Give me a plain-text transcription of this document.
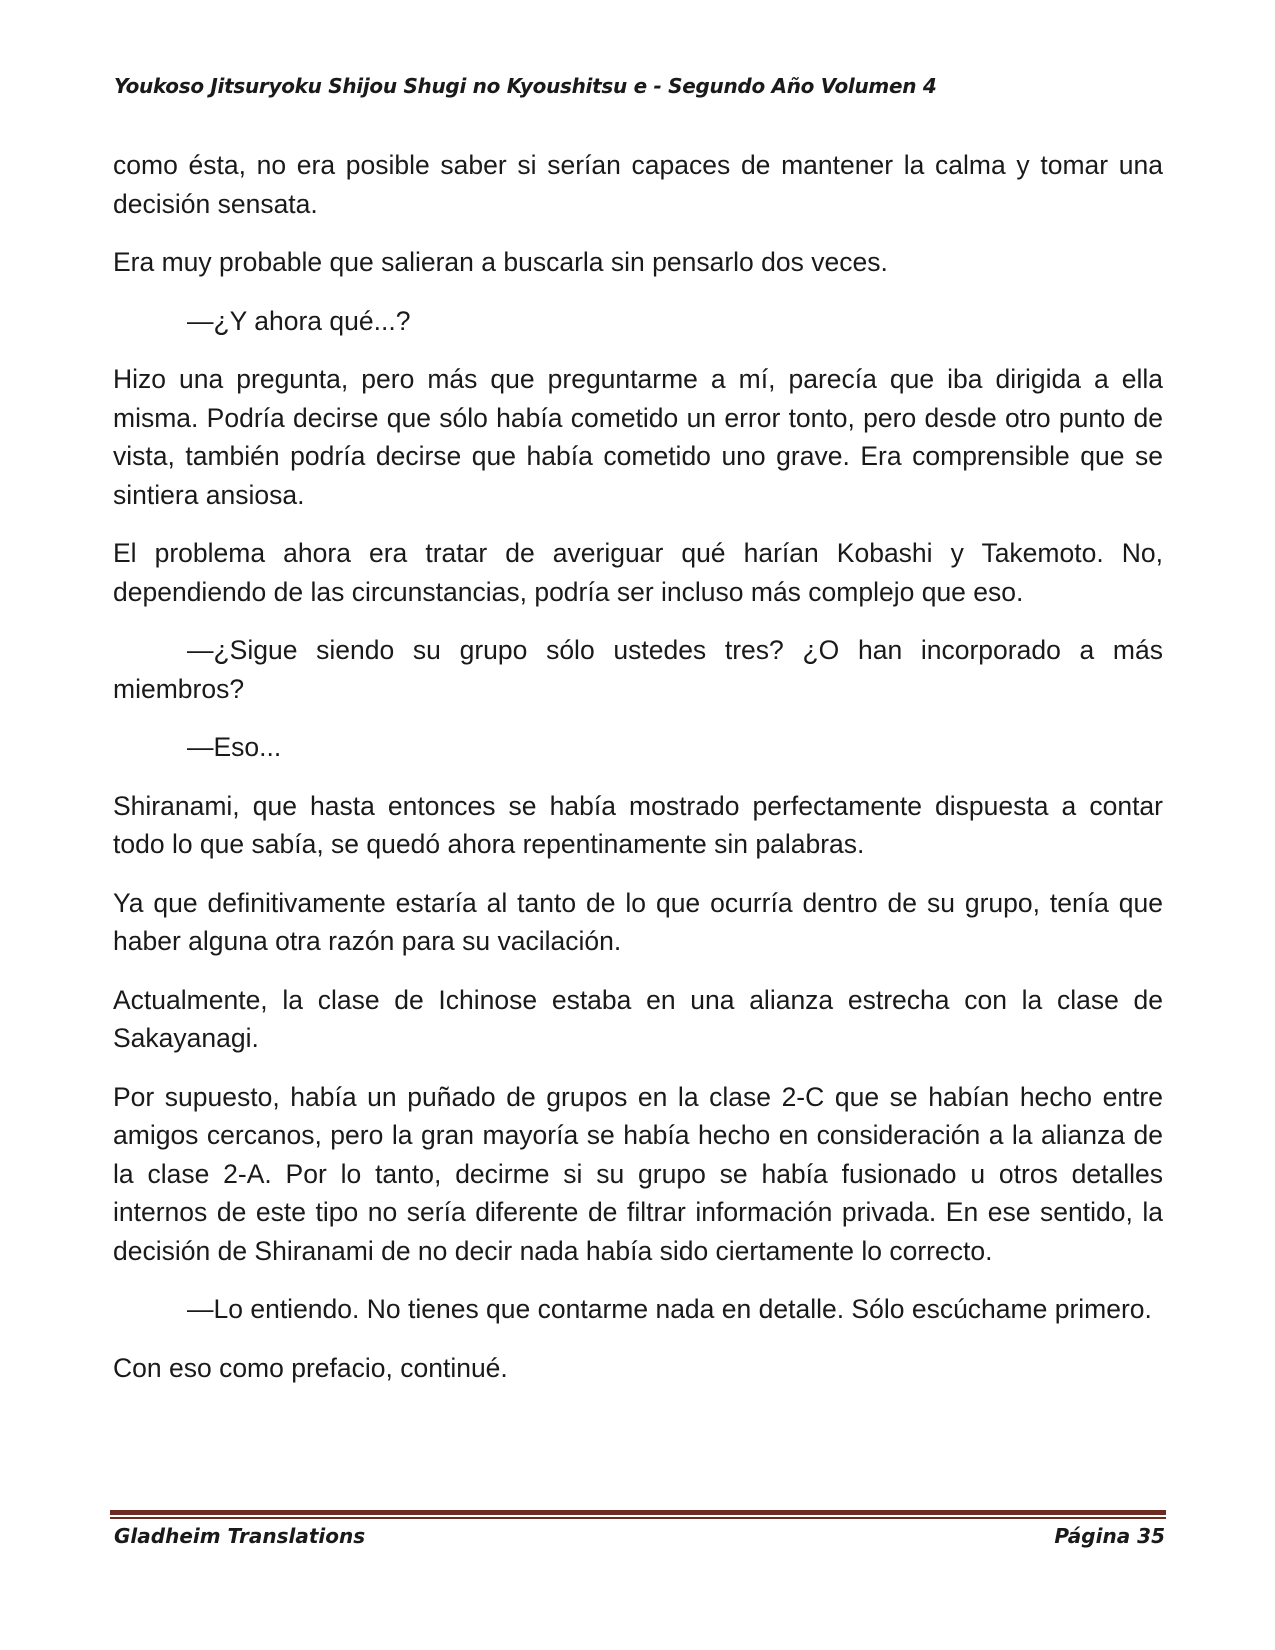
Youkoso Jitsuryoku Shijou Shugi no Kyoushitsu e - Segundo Año Volumen 4

como ésta, no era posible saber si serían capaces de mantener la calma y tomar una decisión sensata.

Era muy probable que salieran a buscarla sin pensarlo dos veces.

—¿Y ahora qué...?

Hizo una pregunta, pero más que preguntarme a mí, parecía que iba dirigida a ella misma. Podría decirse que sólo había cometido un error tonto, pero desde otro punto de vista, también podría decirse que había cometido uno grave. Era comprensible que se sintiera ansiosa.

El problema ahora era tratar de averiguar qué harían Kobashi y Takemoto. No, dependiendo de las circunstancias, podría ser incluso más complejo que eso.

—¿Sigue siendo su grupo sólo ustedes tres? ¿O han incorporado a más miembros?

—Eso...

Shiranami, que hasta entonces se había mostrado perfectamente dispuesta a contar todo lo que sabía, se quedó ahora repentinamente sin palabras.

Ya que definitivamente estaría al tanto de lo que ocurría dentro de su grupo, tenía que haber alguna otra razón para su vacilación.

Actualmente, la clase de Ichinose estaba en una alianza estrecha con la clase de Sakayanagi.

Por supuesto, había un puñado de grupos en la clase 2-C que se habían hecho entre amigos cercanos, pero la gran mayoría se había hecho en consideración a la alianza de la clase 2-A. Por lo tanto, decirme si su grupo se había fusionado u otros detalles internos de este tipo no sería diferente de filtrar información privada. En ese sentido, la decisión de Shiranami de no decir nada había sido ciertamente lo correcto.

—Lo entiendo. No tienes que contarme nada en detalle. Sólo escúchame primero.

Con eso como prefacio, continué.

Gladheim Translations	Página 35
